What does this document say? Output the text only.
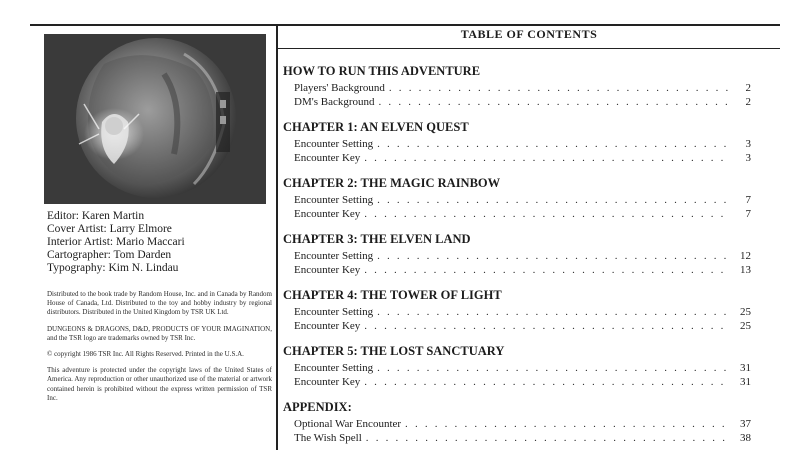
Editor: Karen Martin
Cover Artist: Larry Elmore
Interior Artist: Mario Maccari
Cartographer: Tom Darden
Typography: Kim N. Lindau

Distributed to the book trade by Random House, Inc. and in Canada by Random House of Canada, Ltd. Distributed to the toy and hobby industry by regional distributors. Distributed in the United Kingdom by TSR UK Ltd.

DUNGEONS & DRAGONS, D&D, PRODUCTS OF YOUR IMAGINATION, and the TSR logo are trademarks owned by TSR Inc.

© copyright 1986 TSR Inc. All Rights Reserved. Printed in the U.S.A.

This adventure is protected under the copyright laws of the United States of America. Any reproduction or other unauthorized use of the material or artwork contained herein is prohibited without the express written permission of TSR Inc.

TABLE OF CONTENTS
HOW TO RUN THIS ADVENTURE
Players' Background . . .	2
DM's Background . . .	2
CHAPTER 1: AN ELVEN QUEST
Encounter Setting . . .	3
Encounter Key . . .	3
CHAPTER 2: THE MAGIC RAINBOW
Encounter Setting . . .	7
Encounter Key . . .	7
CHAPTER 3: THE ELVEN LAND
Encounter Setting . . .	12
Encounter Key . . .	13
CHAPTER 4: THE TOWER OF LIGHT
Encounter Setting . . .	25
Encounter Key . . .	25
CHAPTER 5: THE LOST SANCTUARY
Encounter Setting . . .	31
Encounter Key . . .	31
APPENDIX:
Optional War Encounter . . .	37
The Wish Spell . . .	38
